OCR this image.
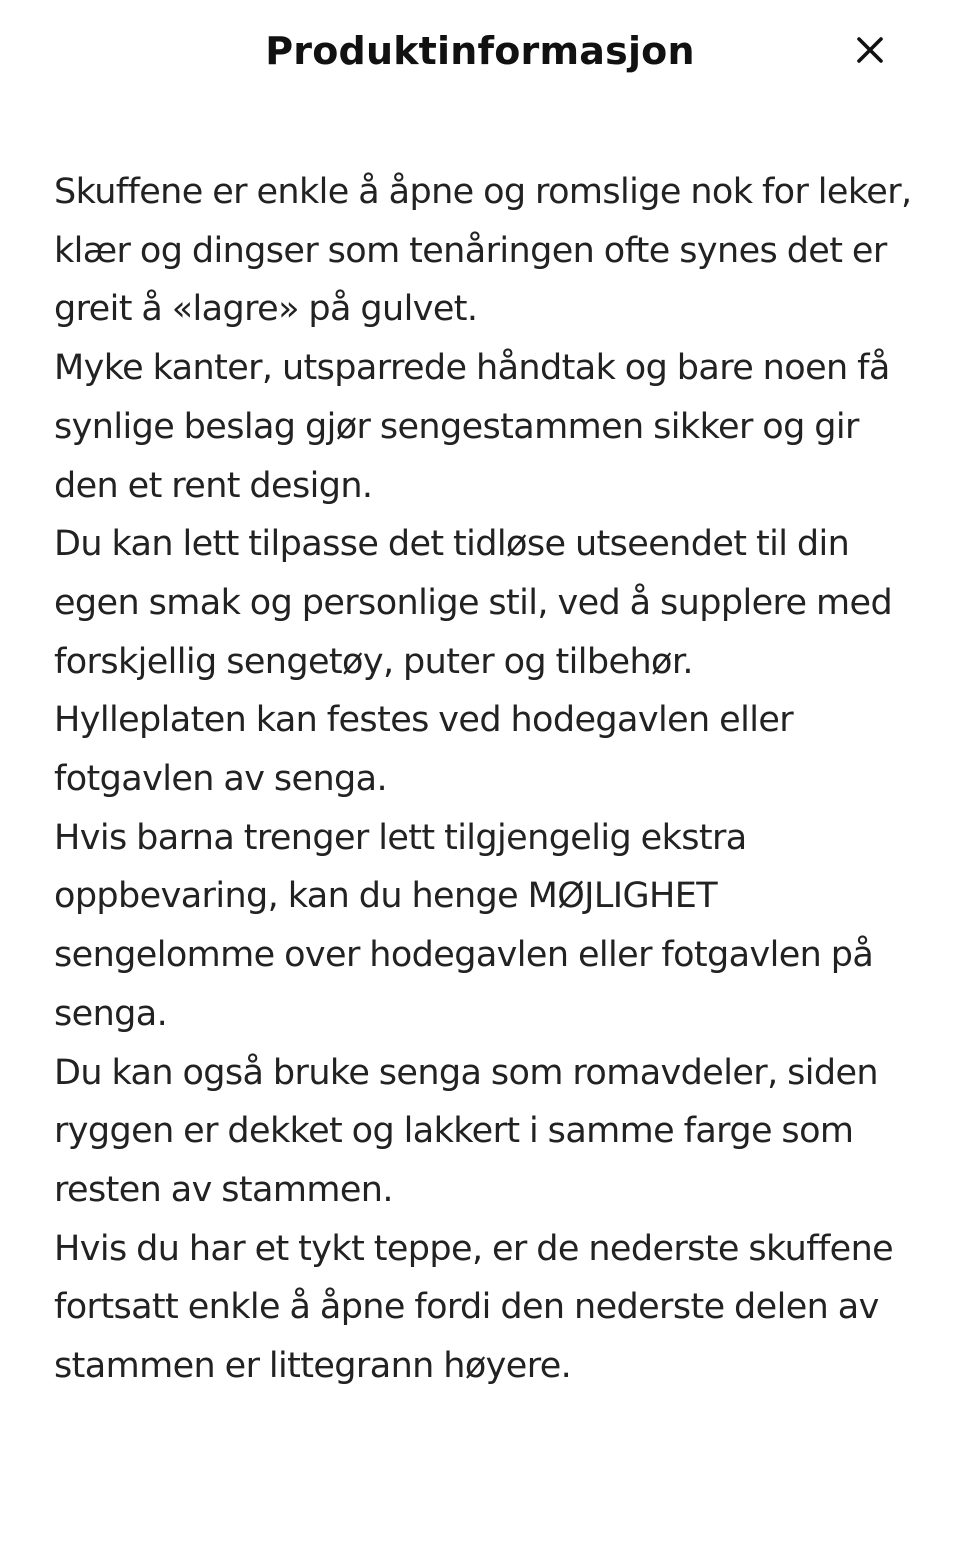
Produktinformasjon

Skuffene er enkle å åpne og romslige nok for leker, klær og dingser som tenåringen ofte synes det er greit å «lagre» på gulvet.

Myke kanter, utsparrede håndtak og bare noen få synlige beslag gjør sengestammen sikker og gir den et rent design.

Du kan lett tilpasse det tidløse utseendet til din egen smak og personlige stil, ved å supplere med forskjellig sengetøy, puter og tilbehør.

Hylleplaten kan festes ved hodegavlen eller fotgavlen av senga.

Hvis barna trenger lett tilgjengelig ekstra oppbevaring, kan du henge MØJLIGHET sengelomme over hodegavlen eller fotgavlen på senga.

Du kan også bruke senga som romavdeler, siden ryggen er dekket og lakkert i samme farge som resten av stammen.

Hvis du har et tykt teppe, er de nederste skuffene fortsatt enkle å åpne fordi den nederste delen av stammen er littegrann høyere.
